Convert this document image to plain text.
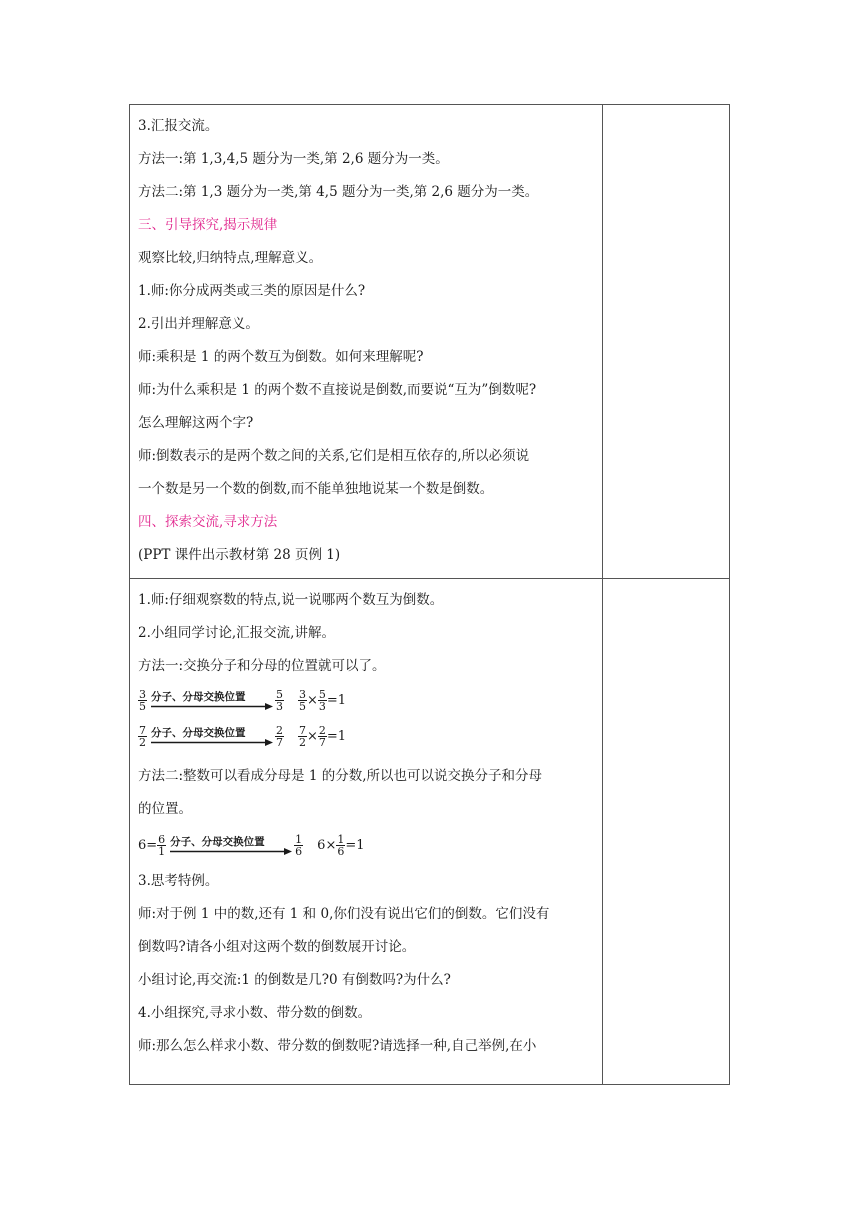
3.汇报交流。
方法一:第 1,3,4,5 题分为一类,第 2,6 题分为一类。
方法二:第 1,3 题分为一类,第 4,5 题分为一类,第 2,6 题分为一类。
三、引导探究,揭示规律
观察比较,归纳特点,理解意义。
1.师:你分成两类或三类的原因是什么?
2.引出并理解意义。
师:乘积是 1 的两个数互为倒数。如何来理解呢?
师:为什么乘积是 1 的两个数不直接说是倒数,而要说“互为”倒数呢?
怎么理解这两个字?
师:倒数表示的是两个数之间的关系,它们是相互依存的,所以必须说
一个数是另一个数的倒数,而不能单独地说某一个数是倒数。
四、探索交流,寻求方法
(PPT 课件出示教材第 28 页例 1)
1.师:仔细观察数的特点,说一说哪两个数互为倒数。
2.小组同学讨论,汇报交流,讲解。
方法一:交换分子和分母的位置就可以了。
$\frac{3}{5}$ 分子、分母交换位置	$\frac{5}{3} \frac{3}{5} \times \frac{5}{3} =1$
$\frac{7}{2}$ 分子、分母交换位置	$\frac{2}{7} \frac{7}{2} \times \frac{2}{7} =1$
方法二:整数可以看成分母是 1 的分数,所以也可以说交换分子和分母
的位置。
$6= \frac{6}{1}$ 分子、分母交换位置	$\frac{1}{6} 6 \times \frac{1}{6} =1$
3.思考特例。
师:对于例 1 中的数,还有 1 和 0,你们没有说出它们的倒数。它们没有
倒数吗?请各小组对这两个数的倒数展开讨论。
小组讨论,再交流:1 的倒数是几?0 有倒数吗?为什么?
4.小组探究,寻求小数、带分数的倒数。
师:那么怎么样求小数、带分数的倒数呢?请选择一种,自己举例,在小
